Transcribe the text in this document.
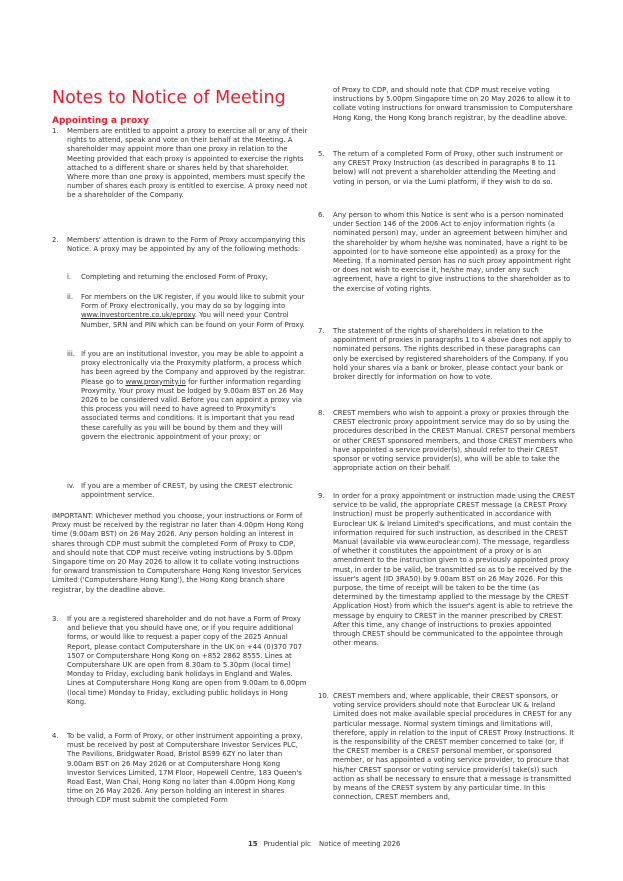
Notes to Notice of Meeting
Appointing a proxy
1.	Members are entitled to appoint a proxy to exercise all or any of their rights to attend, speak and vote on their behalf at the Meeting. A shareholder may appoint more than one proxy in relation to the Meeting provided that each proxy is appointed to exercise the rights attached to a different share or shares held by that shareholder. Where more than one proxy is appointed, members must specify the number of shares each proxy is entitled to exercise. A proxy need not be a shareholder of the Company.

2.	Members' attention is drawn to the Form of Proxy accompanying this Notice. A proxy may be appointed by any of the following methods:

i.	Completing and returning the enclosed Form of Proxy;

ii.	For members on the UK register, if you would like to submit your Form of Proxy electronically, you may do so by logging into www.investorcentre.co.uk/eproxy. You will need your Control Number, SRN and PIN which can be found on your Form of Proxy.

iii. If you are an institutional investor, you may be able to appoint a proxy electronically via the Proxymity platform, a process which has been agreed by the Company and approved by the registrar. Please go to www.proxymity.io for further information regarding Proxymity. Your proxy must be lodged by 9.00am BST on 26 May 2026 to be considered valid. Before you can appoint a proxy via this process you will need to have agreed to Proxymity's associated terms and conditions. It is important that you read these carefully as you will be bound by them and they will govern the electronic appointment of your proxy; or

iv. If you are a member of CREST, by using the CREST electronic appointment service.

IMPORTANT: Whichever method you choose, your instructions or Form of Proxy must be received by the registrar no later than 4.00pm Hong Kong time (9.00am BST) on 26 May 2026. Any person holding an interest in shares through CDP must submit the completed Form of Proxy to CDP, and should note that CDP must receive voting instructions by 5.00pm Singapore time on 20 May 2026 to allow it to collate voting instructions for onward transmission to Computershare Hong Kong Investor Services Limited ('Computershare Hong Kong'), the Hong Kong branch share registrar, by the deadline above.

3.	If you are a registered shareholder and do not have a Form of Proxy and believe that you should have one, or if you require additional forms, or would like to request a paper copy of the 2025 Annual Report, please contact Computershare in the UK on +44 (0)370 707 1507 or Computershare Hong Kong on +852 2862 8555. Lines at Computershare UK are open from 8.30am to 5.30pm (local time) Monday to Friday, excluding bank holidays in England and Wales. Lines at Computershare Hong Kong are open from 9.00am to 6.00pm (local time) Monday to Friday, excluding public holidays in Hong Kong.

4.	To be valid, a Form of Proxy, or other instrument appointing a proxy, must be received by post at Computershare Investor Services PLC, The Pavilions, Bridgwater Road, Bristol BS99 6ZY no later than 9.00am BST on 26 May 2026 or at Computershare Hong Kong Investor Services Limited, 17M Floor, Hopewell Centre, 183 Queen's Road East, Wan Chai, Hong Kong no later than 4.00pm Hong Kong time on 26 May 2026. Any person holding an interest in shares through CDP must submit the completed Form

of Proxy to CDP, and should note that CDP must receive voting instructions by 5.00pm Singapore time on 20 May 2026 to allow it to collate voting instructions for onward transmission to Computershare Hong Kong, the Hong Kong branch registrar, by the deadline above.

5.	The return of a completed Form of Proxy, other such instrument or any CREST Proxy Instruction (as described in paragraphs 8 to 11 below) will not prevent a shareholder attending the Meeting and voting in person, or via the Lumi platform, if they wish to do so.

6.	Any person to whom this Notice is sent who is a person nominated under Section 146 of the 2006 Act to enjoy information rights (a nominated person) may, under an agreement between him/her and the shareholder by whom he/she was nominated, have a right to be appointed (or to have someone else appointed) as a proxy for the Meeting. If a nominated person has no such proxy appointment right or does not wish to exercise it, he/she may, under any such agreement, have a right to give instructions to the shareholder as to the exercise of voting rights.

7.	The statement of the rights of shareholders in relation to the appointment of proxies in paragraphs 1 to 4 above does not apply to nominated persons. The rights described in these paragraphs can only be exercised by registered shareholders of the Company. If you hold your shares via a bank or broker, please contact your bank or broker directly for information on how to vote.

8.	CREST members who wish to appoint a proxy or proxies through the CREST electronic proxy appointment service may do so by using the procedures described in the CREST Manual. CREST personal members or other CREST sponsored members, and those CREST members who have appointed a service provider(s), should refer to their CREST sponsor or voting service provider(s), who will be able to take the appropriate action on their behalf.

9.	In order for a proxy appointment or instruction made using the CREST service to be valid, the appropriate CREST message (a CREST Proxy Instruction) must be properly authenticated in accordance with Euroclear UK & Ireland Limited's specifications, and must contain the information required for such instruction, as described in the CREST Manual (available via www.euroclear.com). The message, regardless of whether it constitutes the appointment of a proxy or is an amendment to the instruction given to a previously appointed proxy must, in order to be valid, be transmitted so as to be received by the issuer's agent (ID 3RA50) by 9.00am BST on 26 May 2026. For this purpose, the time of receipt will be taken to be the time (as determined by the timestamp applied to the message by the CREST Application Host) from which the issuer's agent is able to retrieve the message by enquiry to CREST in the manner prescribed by CREST. After this time, any change of instructions to proxies appointed through CREST should be communicated to the appointee through other means.

10. CREST members and, where applicable, their CREST sponsors, or voting service providers should note that Euroclear UK & Ireland Limited does not make available special procedures in CREST for any particular message. Normal system timings and limitations will, therefore, apply in relation to the input of CREST Proxy Instructions. It is the responsibility of the CREST member concerned to take (or, if the CREST member is a CREST personal member, or sponsored member, or has appointed a voting service provider, to procure that his/her CREST sponsor or voting service provider(s) take(s)) such action as shall be necessary to ensure that a message is transmitted by means of the CREST system by any particular time. In this connection, CREST members and,

15 Prudential plc Notice of meeting 2026
